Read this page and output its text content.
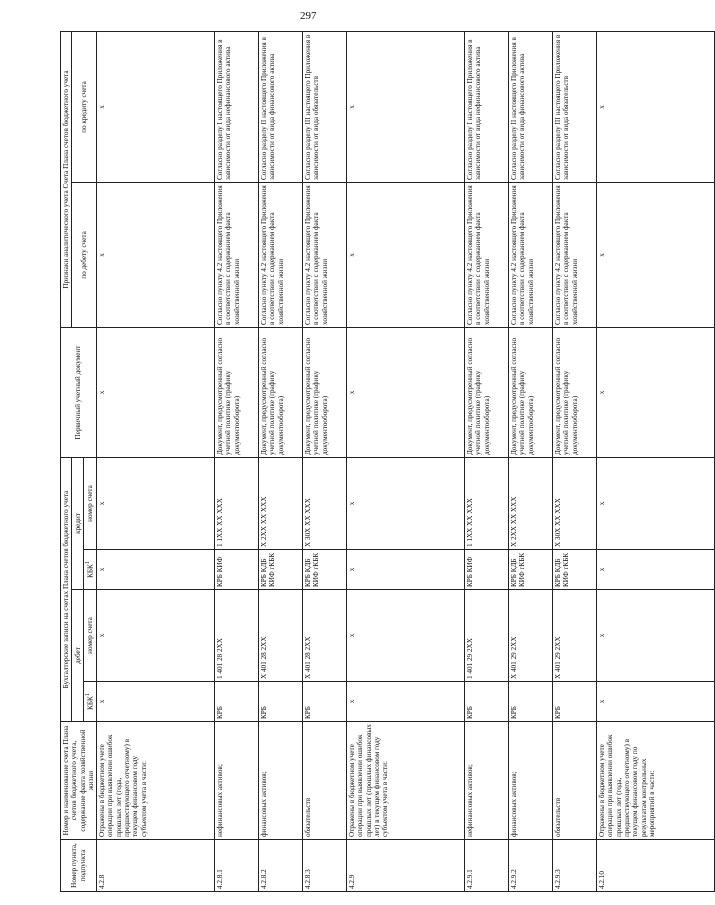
297
Номер пункта, подпункта	Номер и наименование счета Плана счетов бюджетного учета, содержание факта хозяйственной жизни	Бухгалтерские записи на счетах Плана счетов бюджетного учета				Первичный учетный документ	Признаки аналитического учета Счета Плана счетов бюджетного учета	
		дебет		кредит			по дебету счета	по кредиту счета
		КБК$^1$	номер счета	КБК$^1$	номер счета			
4.2.8	Отражены в бюджетном учете операции при выявлении ошибок прошлых лет (года, предшествующего отчетному) в текущем финансовом году субъектом учета в части:	х	х	х	х	х	х	х
4.2.8.1	нефинансовых активов;	КРБ	1 401 28 2ХХ	КРБ КИФ	1 1ХХ ХХ ХХХ	Документ, предусмотренный согласно учетной политике (графику документооборота)	Согласно пункту 4.2 настоящего Приложения в соответствии с содержанием факта хозяйственной жизни	Согласно разделу I настоящего Приложения в зависимости от вида нефинансового актива
4.2.8.2	финансовых активов;	КРБ	Х 401 28 2ХХ	КРБ КДБ КИФ гКБК	Х 2ХХ ХХ ХХХ	Документ, предусмотренный согласно учетной политике (графику документооборота)	Согласно пункту 4.2 настоящего Приложения в соответствии с содержанием факта хозяйственной жизни	Согласно разделу II настоящего Приложения в зависимости от вида финансового актива
4.2.8.3	обязательств	КРБ	Х 401 28 2ХХ	КРБ КДБ КИФ гКБК	Х 30Х ХХ ХХХ	Документ, предусмотренный согласно учетной политике (графику документооборота)	Согласно пункту 4.2 настоящего Приложения в соответствии с содержанием факта хозяйственной жизни	Согласно разделу III настоящего Приложения в зависимости от вида обязательств
4.2.9	Отражены в бюджетном учете операции при выявлении ошибок прошлых лет (прошлых финансовых лет) в текущем финансовом году субъектом учета в части:	х	х	х	х	х	х	х
4.2.9.1	нефинансовых активов;	КРБ	1 401 29 2ХХ	КРБ КИФ	1 1ХХ ХХ ХХХ	Документ, предусмотренный согласно учетной политике (графику документооборота)	Согласно пункту 4.2 настоящего Приложения в соответствии с содержанием факта хозяйственной жизни	Согласно разделу I настоящего Приложения в зависимости от вида нефинансового актива
4.2.9.2	финансовых активов;	КРБ	Х 401 29 2ХХ	КРБ КДБ КИФ гКБК	Х 2ХХ ХХ ХХХ	Документ, предусмотренный согласно учетной политике (графику документооборота)	Согласно пункту 4.2 настоящего Приложения в соответствии с содержанием факта хозяйственной жизни	Согласно разделу II настоящего Приложения в зависимости от вида финансового актива
4.2.9.3	обязательств	КРБ	Х 401 29 2ХХ	КРБ КДБ КИФ гКБК	Х 30Х ХХ ХХХ	Документ, предусмотренный согласно учетной политике (графику документооборота)	Согласно пункту 4.2 настоящего Приложения в соответствии с содержанием факта хозяйственной жизни	Согласно разделу III настоящего Приложения в зависимости от вида обязательств
4.2.10	Отражены в бюджетном учете операции при выявлении ошибок прошлых лет (года, предшествующего отчетному) в текущем финансовом году по результатам контрольных мероприятий в части:	х	х	х	х	х	х	х
